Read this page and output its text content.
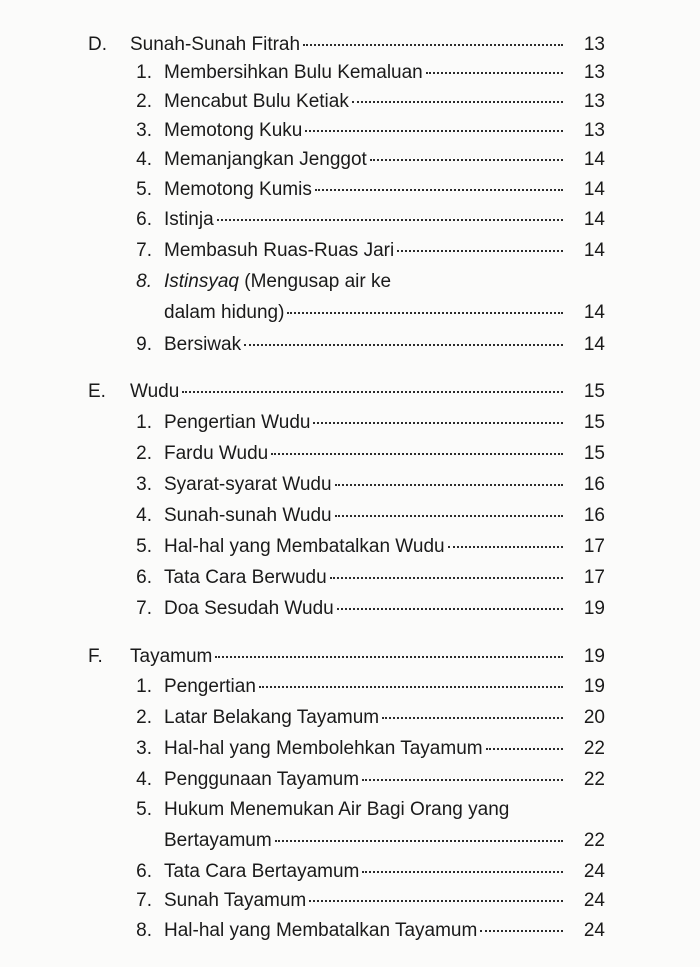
D. Sunah-Sunah Fitrah	13
1. Membersihkan Bulu Kemaluan	13
2. Mencabut Bulu Ketiak	13
3. Memotong Kuku	13
4. Memanjangkan Jenggot	14
5. Memotong Kumis	14
6. Istinja	14
7. Membasuh Ruas-Ruas Jari	14
8. Istinsyaq (Mengusap air ke
dalam hidung)	14
9. Bersiwak	14
E. Wudu	15
1. Pengertian Wudu	15
2. Fardu Wudu	15
3. Syarat-syarat Wudu	16
4. Sunah-sunah Wudu	16
5. Hal-hal yang Membatalkan Wudu	17
6. Tata Cara Berwudu	17
7. Doa Sesudah Wudu	19
F. Tayamum	19
1. Pengertian	19
2. Latar Belakang Tayamum	20
3. Hal-hal yang Membolehkan Tayamum	22
4. Penggunaan Tayamum	22
5. Hukum Menemukan Air Bagi Orang yang
Bertayamum	22
6. Tata Cara Bertayamum	24
7. Sunah Tayamum	24
8. Hal-hal yang Membatalkan Tayamum	24
